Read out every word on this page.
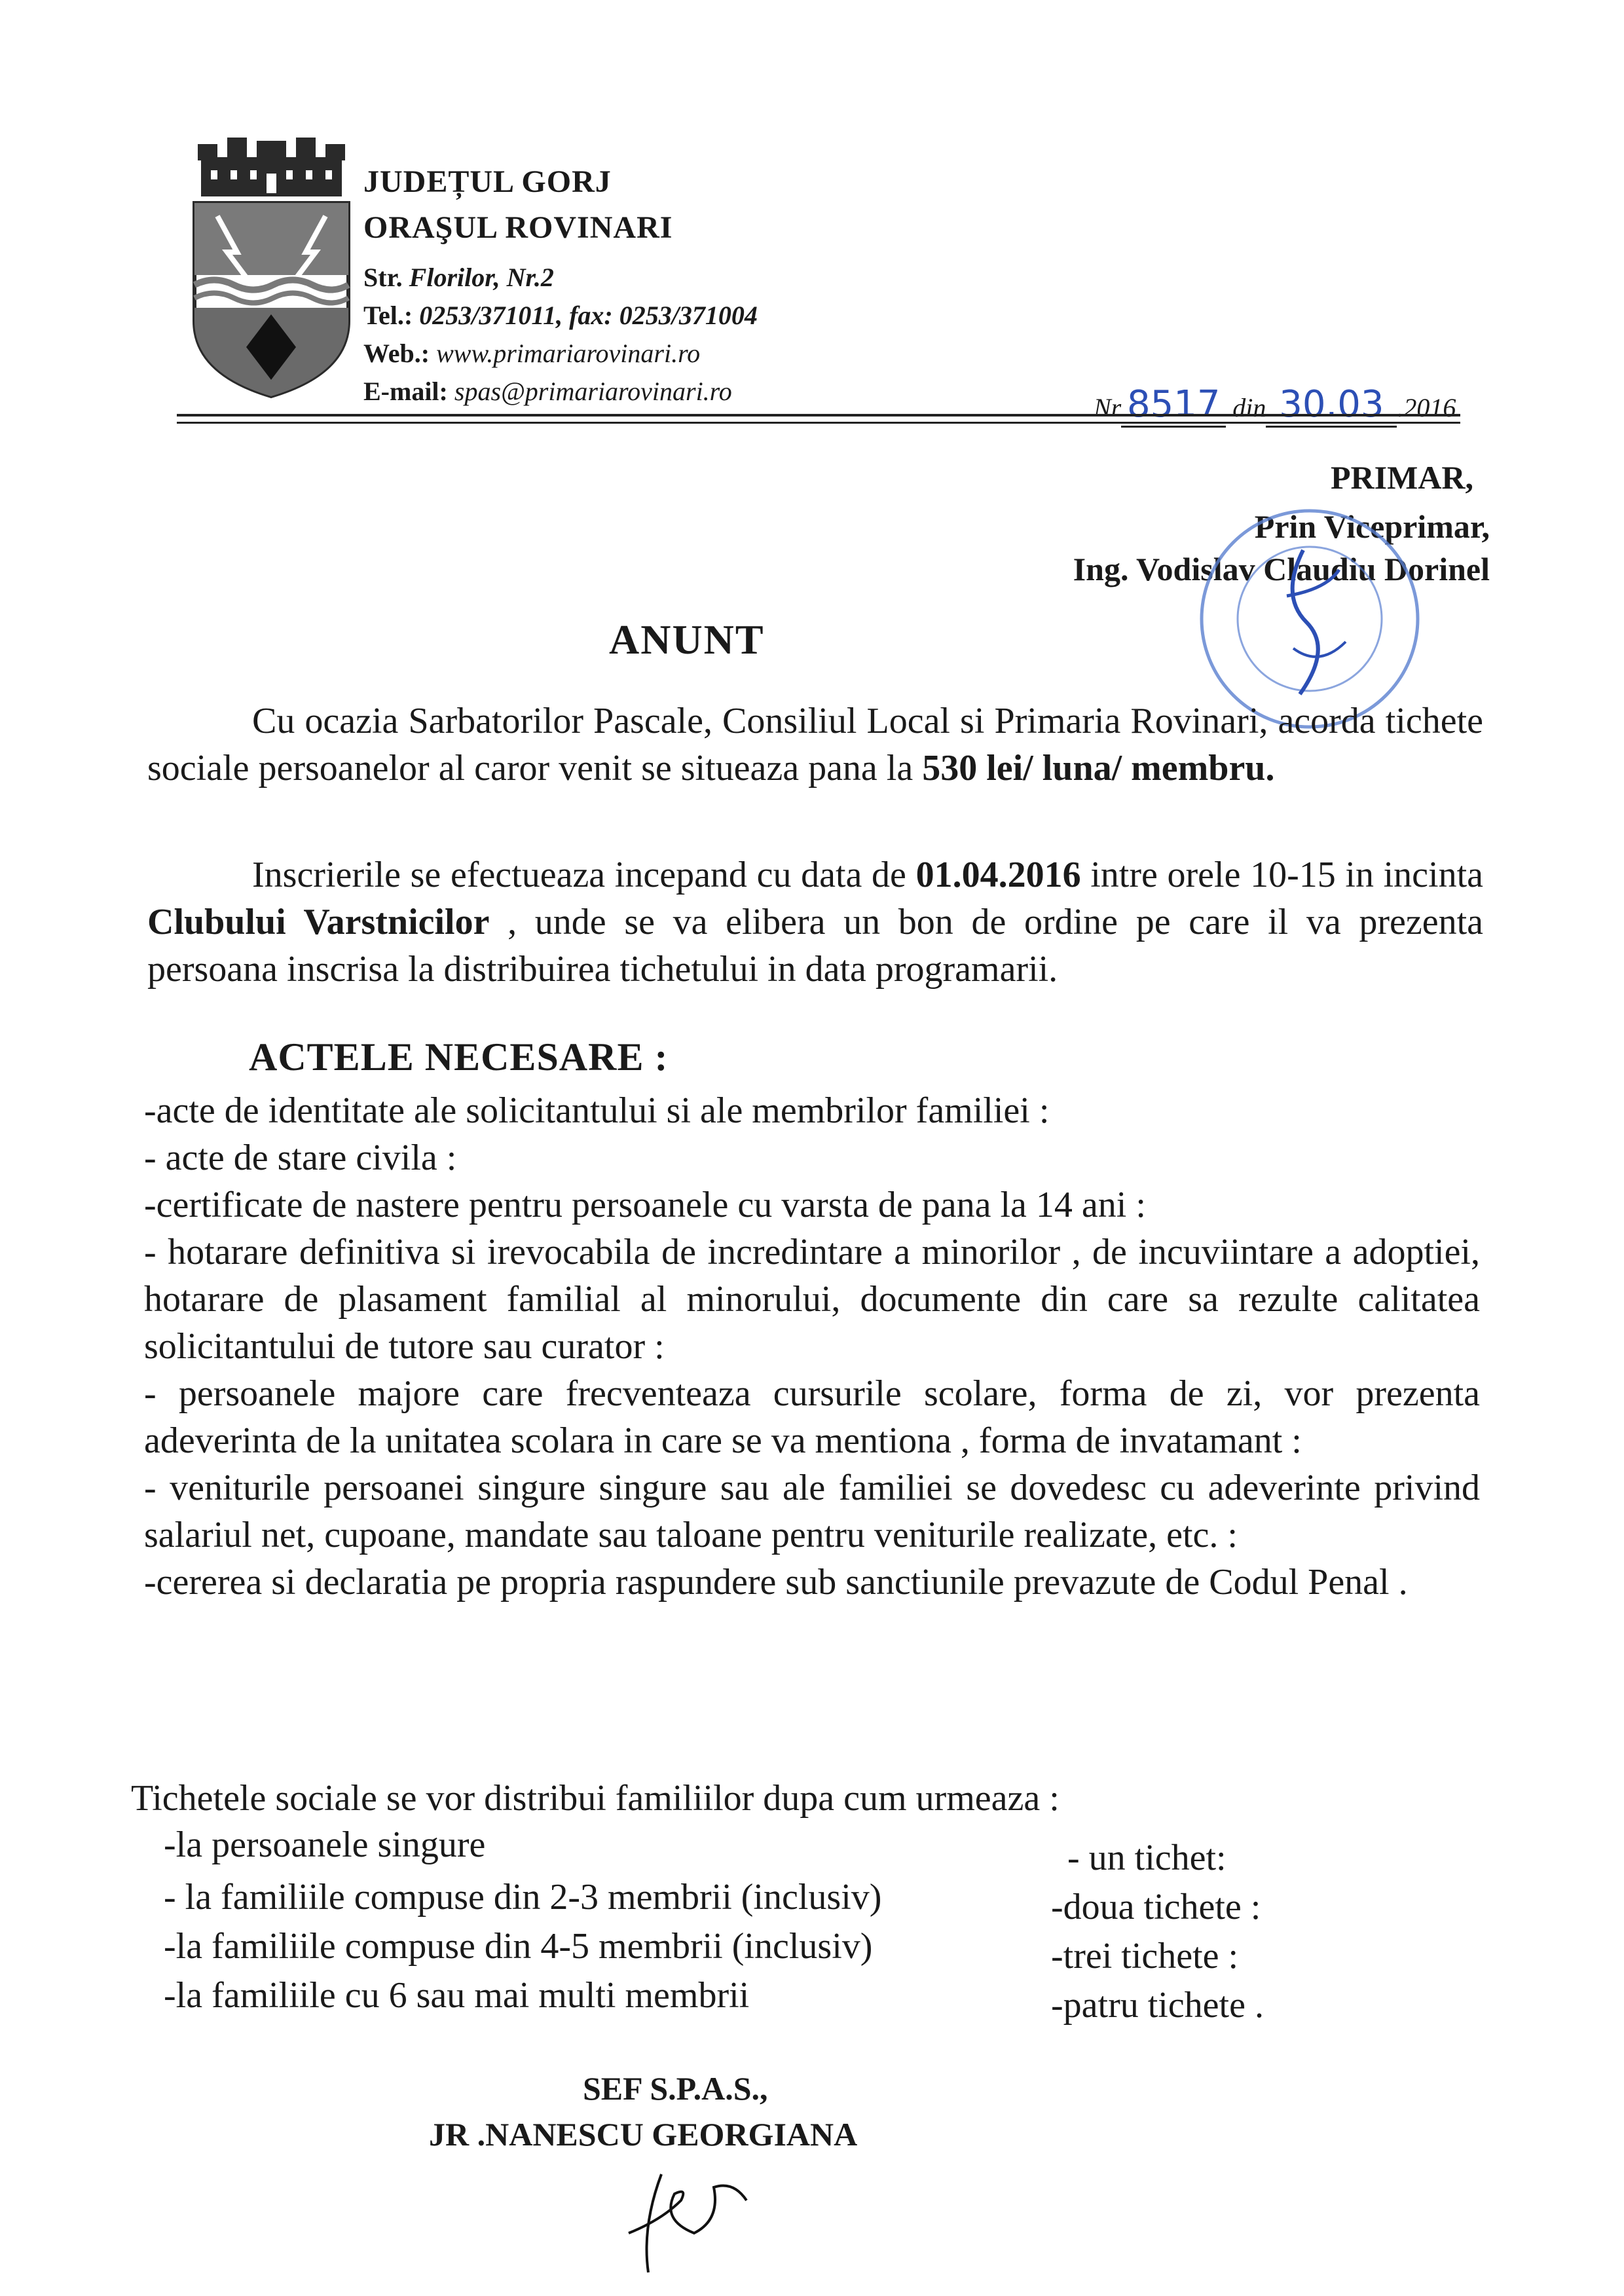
JUDEȚUL GORJ
ORAŞUL ROVINARI
Str. Florilor, Nr.2
Tel.: 0253/371011, fax: 0253/371004
Web.: www.primariarovinari.ro
E-mail: spas@primariarovinari.ro
Nr 8517 din 30.03 .2016
PRIMAR,
Prin Viceprimar,
Ing. Vodislav Claudiu Dorinel
ANUNT
Cu ocazia Sarbatorilor Pascale, Consiliul Local si Primaria Rovinari, acorda tichete sociale persoanelor al caror venit se situeaza pana la 530 lei/ luna/ membru.
Inscrierile se efectueaza incepand cu data de 01.04.2016 intre orele 10-15 in incinta Clubului Varstnicilor , unde se va elibera un bon de ordine pe care il va prezenta persoana inscrisa la distribuirea tichetului in data programarii.
ACTELE NECESARE :

-acte de identitate ale solicitantului si ale membrilor familiei :

- acte de stare civila :

-certificate de nastere pentru persoanele cu varsta de pana la 14 ani :

- hotarare definitiva si irevocabila de incredintare a minorilor , de incuviintare a adoptiei, hotarare de plasament familial al minorului, documente din care sa rezulte calitatea solicitantului de tutore sau curator :

- persoanele majore care frecventeaza cursurile scolare, forma de zi, vor prezenta adeverinta de la unitatea scolara in care se va mentiona , forma de invatamant :

- veniturile persoanei singure singure sau ale familiei se dovedesc cu adeverinte privind salariul net, cupoane, mandate sau taloane pentru veniturile realizate, etc. :

-cererea si declaratia pe propria raspundere sub sanctiunile prevazute de Codul Penal .

Tichetele sociale se vor distribui familiilor dupa cum urmeaza :
-la persoanele singure	- un tichet:
- la familiile compuse din 2-3 membrii (inclusiv)	-doua tichete :
-la familiile compuse din 4-5 membrii (inclusiv)	-trei tichete :
-la familiile cu 6 sau mai multi membrii	-patru tichete .
SEF S.P.A.S.,
JR .NANESCU GEORGIANA
